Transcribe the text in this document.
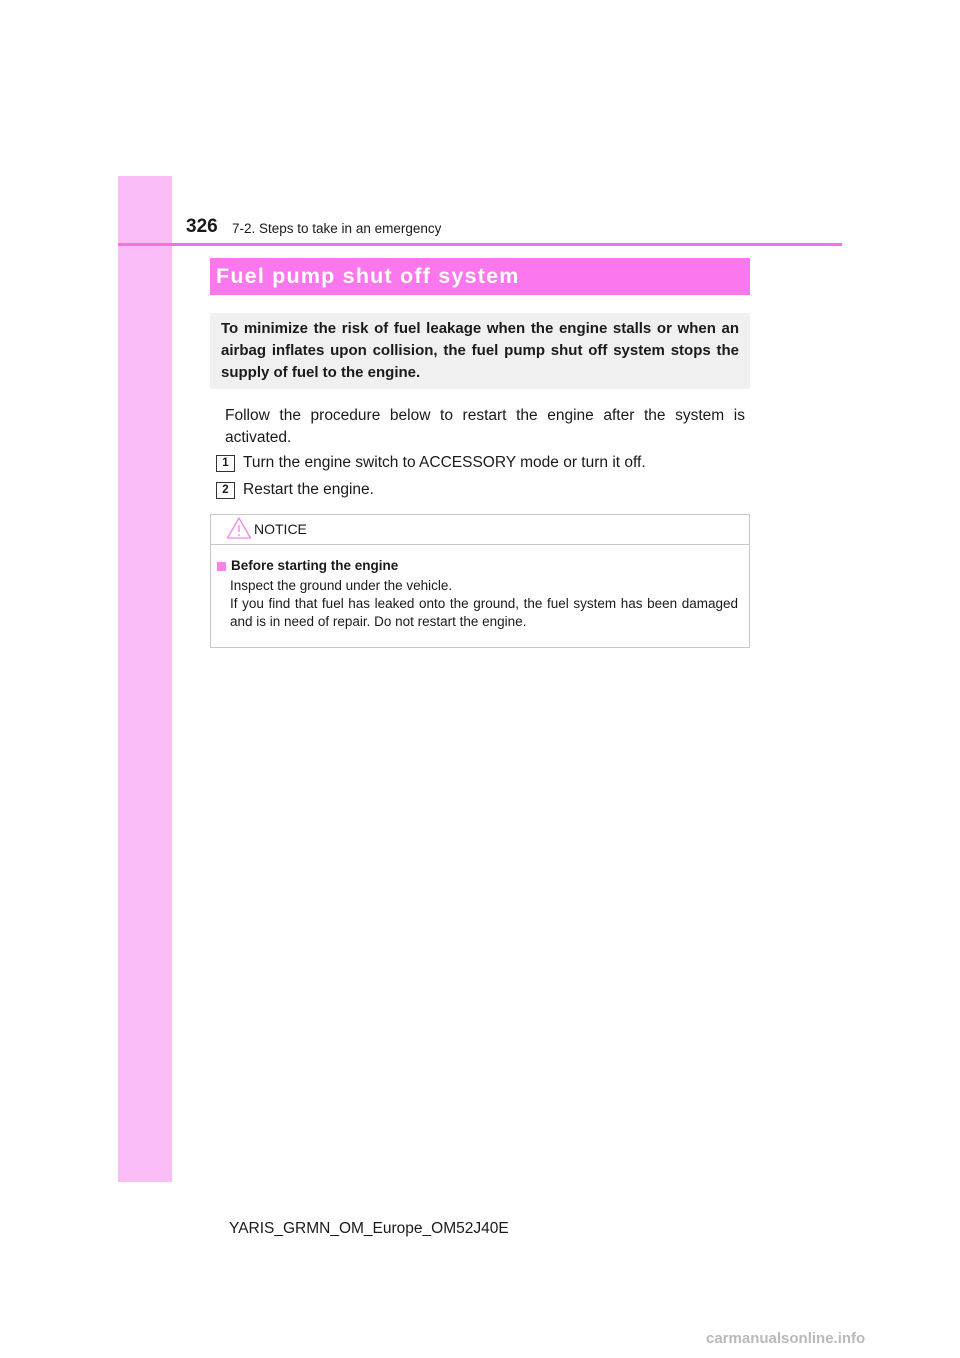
326 7-2. Steps to take in an emergency
Fuel pump shut off system

To minimize the risk of fuel leakage when the engine stalls or when an airbag inflates upon collision, the fuel pump shut off system stops the supply of fuel to the engine.

Follow the procedure below to restart the engine after the system is activated.

1 Turn the engine switch to ACCESSORY mode or turn it off.
2 Restart the engine.
NOTICE
Before starting the engine

Inspect the ground under the vehicle.

If you find that fuel has leaked onto the ground, the fuel system has been damaged and is in need of repair. Do not restart the engine.

YARIS_GRMN_OM_Europe_OM52J40E
carmanualsonline.info
